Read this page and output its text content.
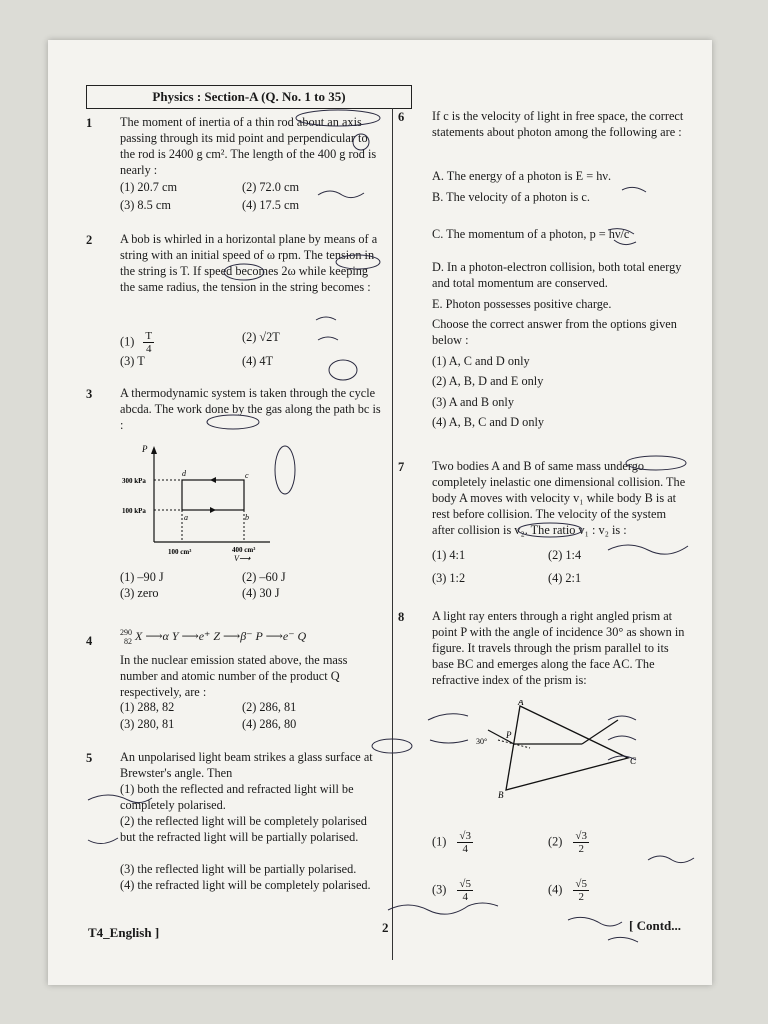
Physics : Section-A (Q. No. 1 to 35)
1 The moment of inertia of a thin rod about an axis passing through its mid point and perpendicular to the rod is 2400 g cm². The length of the 400 g rod is nearly :
(1) 20.7 cm	(2) 72.0 cm
(3) 8.5 cm	(4) 17.5 cm
2 A bob is whirled in a horizontal plane by means of a string with an initial speed of ω rpm. The tension in the string is T. If speed becomes 2ω while keeping the same radius, the tension in the string becomes :
$(1) \frac{T}{4}$	(2) √2T
(3) T	(4) 4T
3 A thermodynamic system is taken through the cycle abcda. The work done by the gas along the path bc is :
P
300 kPa
100 kPa
100 cm³	400 cm³
V⟶
a	b
c
d
(1) –90 J	(2) –60 J
(3) zero	(4) 30 J
4
290
82 X ⟶α Y ⟶e⁺ Z ⟶β⁻ P ⟶e⁻ Q
In the nuclear emission stated above, the mass number and atomic number of the product Q respectively, are :
(1) 288, 82	(2) 286, 81
(3) 280, 81	(4) 286, 80
5 An unpolarised light beam strikes a glass surface at Brewster's angle. Then
(1) both the reflected and refracted light will be completely polarised.
(2) the reflected light will be completely polarised but the refracted light will be partially polarised.
(3) the reflected light will be partially polarised.
(4) the refracted light will be completely polarised.
6 If c is the velocity of light in free space, the correct statements about photon among the following are :
A. The energy of a photon is E = hν.
B. The velocity of a photon is c.
C. The momentum of a photon, p = hν/c
D. In a photon-electron collision, both total energy and total momentum are conserved.
E. Photon possesses positive charge.
Choose the correct answer from the options given below :
(1) A, C and D only
(2) A, B, D and E only
(3) A and B only
(4) A, B, C and D only
7 Two bodies A and B of same mass undergo completely inelastic one dimensional collision. The body A moves with velocity v₁ while body B is at rest before collision. The velocity of the system after collision is v₂. The ratio v₁ : v₂ is :
(1) 4:1	(2) 1:4
(3) 1:2	(4) 2:1
8 A light ray enters through a right angled prism at point P with the angle of incidence 30° as shown in figure. It travels through the prism parallel to its base BC and emerges along the face AC. The refractive index of the prism is:
A
B
C
P
30°
$(1) \frac{√3}{4}$	$(2) \frac{√3}{2}$
$(3) \frac{√5}{4}$	$(4) \frac{√5}{2}$
T4_English ]	2	[ Contd...
